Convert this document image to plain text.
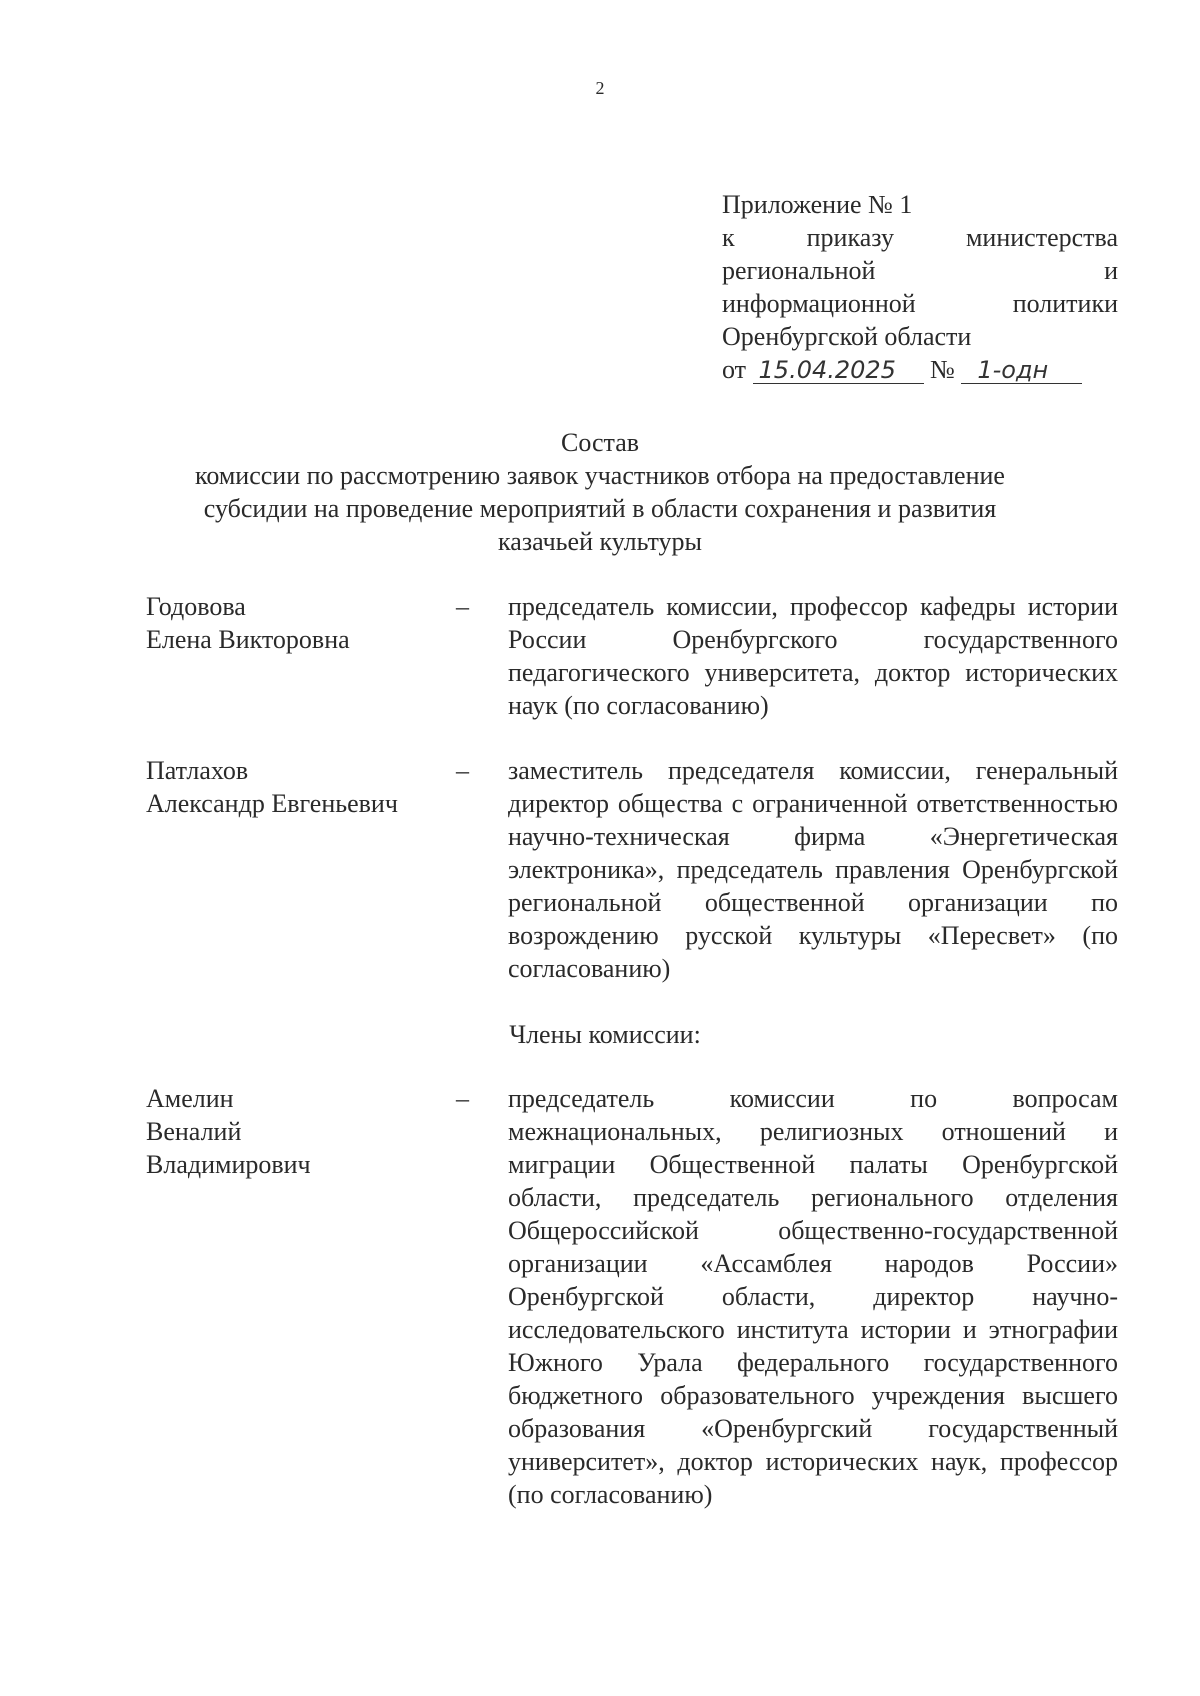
2
Приложение № 1
к приказу министерства
региональной и
информационной политики
Оренбургской области
от 15.04.2025 № 1-одн
Состав
комиссии по рассмотрению заявок участников отбора на предоставление
субсидии на проведение мероприятий в области сохранения и развития
казачьей культуры
Годовова
Елена Викторовна
– председатель комиссии, профессор кафедры истории России Оренбургского государственного педагогического университета, доктор исторических наук (по согласованию)
Патлахов
Александр Евгеньевич
– заместитель председателя комиссии, генеральный директор общества с ограниченной ответственностью научно-техническая фирма «Энергетическая электроника», председатель правления Оренбургской региональной общественной организации по возрождению русской культуры «Пересвет» (по согласованию)
Члены комиссии:
Амелин
Веналий
Владимирович
– председатель комиссии по вопросам межнациональных, религиозных отношений и миграции Общественной палаты Оренбургской области, председатель регионального отделения Общероссийской общественно-государственной организации «Ассамблея народов России» Оренбургской области, директор научно-исследовательского института истории и этнографии Южного Урала федерального государственного бюджетного образовательного учреждения высшего образования «Оренбургский государственный университет», доктор исторических наук, профессор (по согласованию)
